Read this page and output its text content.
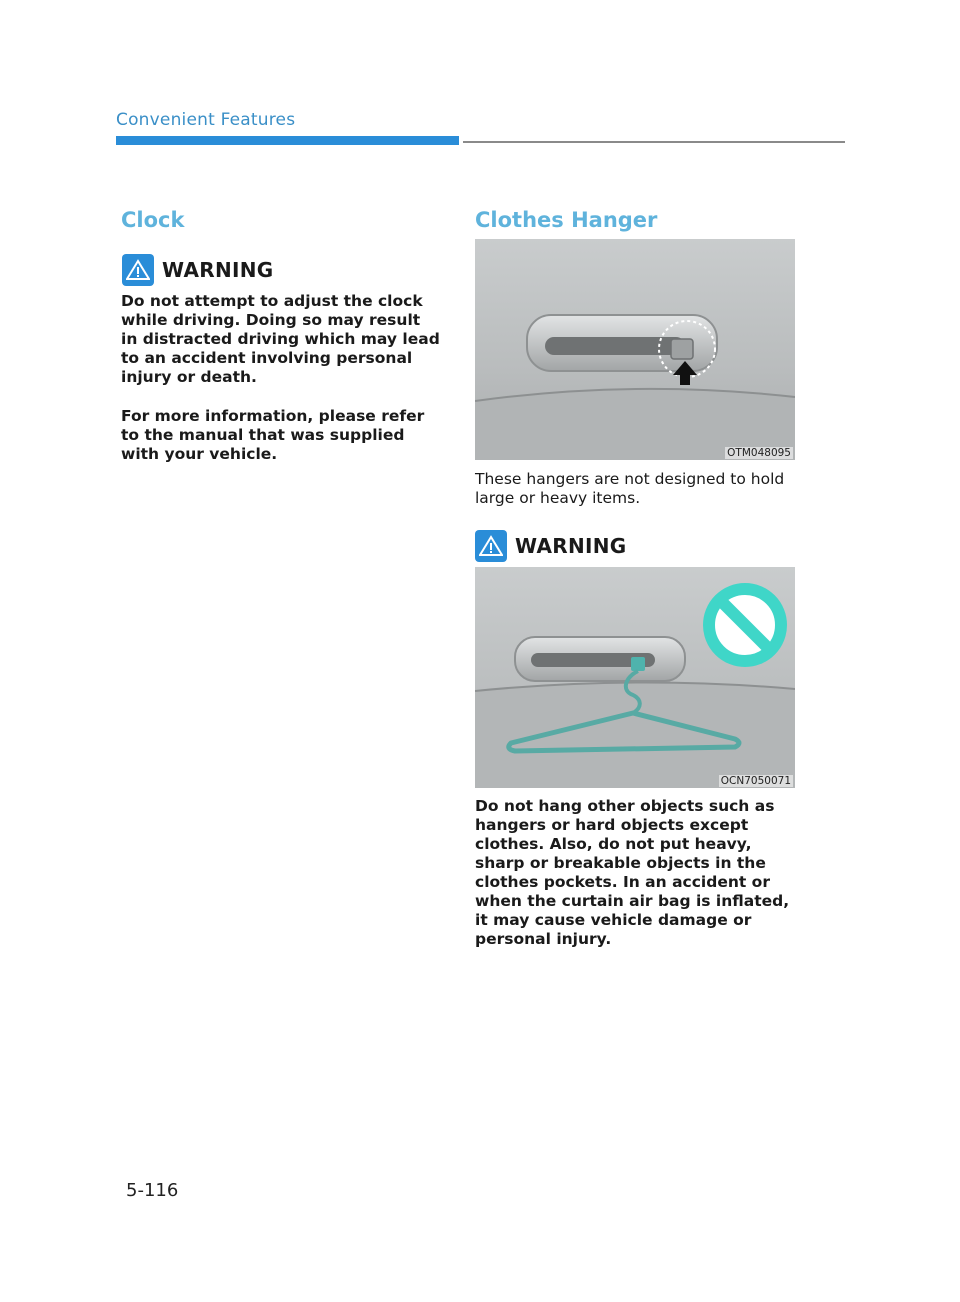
Convenient Features
Clock
WARNING
Do not attempt to adjust the clock while driving. Doing so may result in distracted driving which may lead to an accident involving personal injury or death.
For more information, please refer to the manual that was supplied with your vehicle.
Clothes Hanger
OTM048095
These hangers are not designed to hold large or heavy items.
WARNING
OCN7050071
Do not hang other objects such as hangers or hard objects except clothes. Also, do not put heavy, sharp or breakable objects in the clothes pockets. In an accident or when the curtain air bag is inflated, it may cause vehicle damage or personal injury.
5-116
